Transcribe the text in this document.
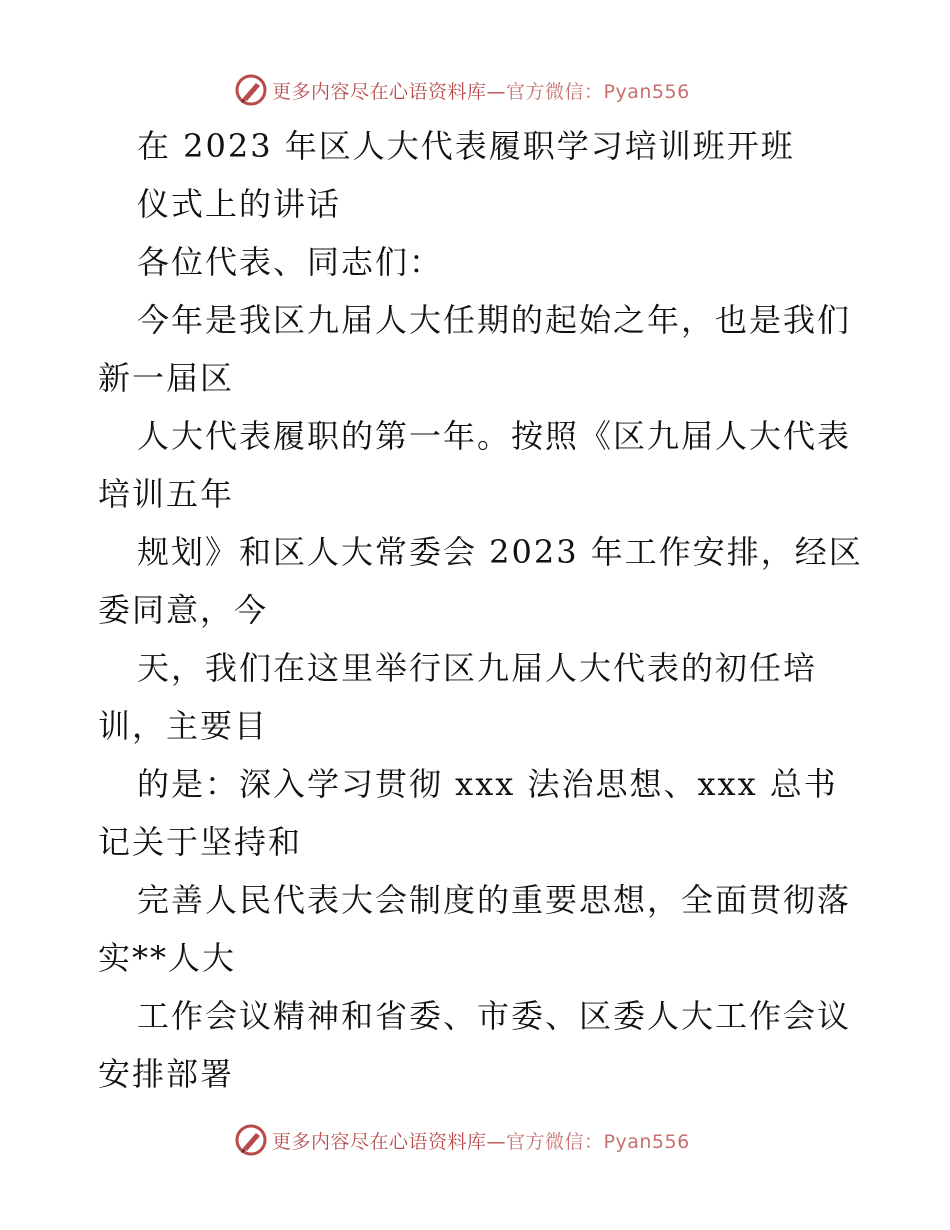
更多内容尽在心语资料库—官方微信：Pyan556
在 2023 年区人大代表履职学习培训班开班
仪式上的讲话
各位代表、同志们：
今年是我区九届人大任期的起始之年，也是我们
新一届区
人大代表履职的第一年。按照《区九届人大代表
培训五年
规划》和区人大常委会 2023 年工作安排，经区
委同意，今
天，我们在这里举行区九届人大代表的初任培
训，主要目
的是：深入学习贯彻 xxx 法治思想、xxx 总书
记关于坚持和
完善人民代表大会制度的重要思想，全面贯彻落
实**人大
工作会议精神和省委、市委、区委人大工作会议
安排部署
更多内容尽在心语资料库—官方微信：Pyan556
